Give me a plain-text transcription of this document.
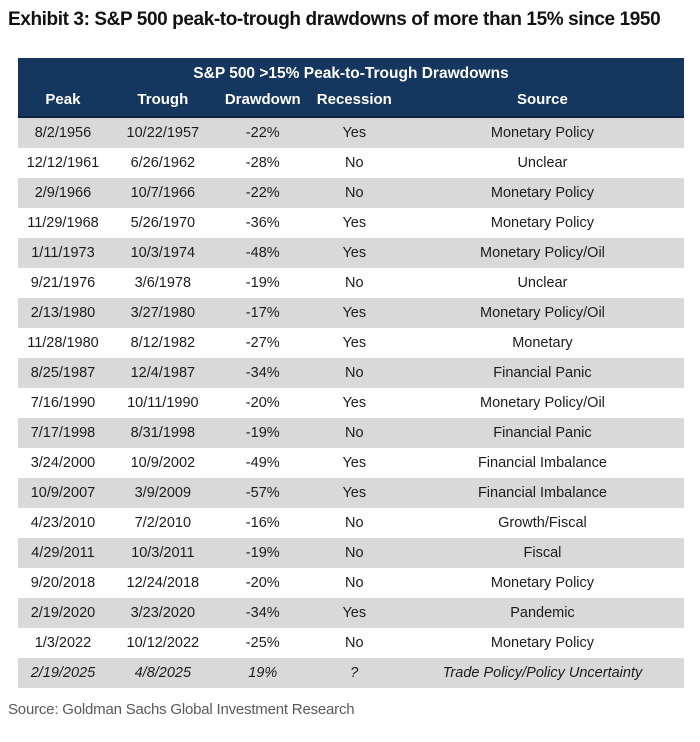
Exhibit 3: S&P 500 peak-to-trough drawdowns of more than 15% since 1950
S&P 500 >15% Peak-to-Trough Drawdowns
Peak	Trough	Drawdown	Recession	Source
8/2/1956	10/22/1957	-22%	Yes	Monetary Policy
12/12/1961	6/26/1962	-28%	No	Unclear
2/9/1966	10/7/1966	-22%	No	Monetary Policy
11/29/1968	5/26/1970	-36%	Yes	Monetary Policy
1/11/1973	10/3/1974	-48%	Yes	Monetary Policy/Oil
9/21/1976	3/6/1978	-19%	No	Unclear
2/13/1980	3/27/1980	-17%	Yes	Monetary Policy/Oil
11/28/1980	8/12/1982	-27%	Yes	Monetary
8/25/1987	12/4/1987	-34%	No	Financial Panic
7/16/1990	10/11/1990	-20%	Yes	Monetary Policy/Oil
7/17/1998	8/31/1998	-19%	No	Financial Panic
3/24/2000	10/9/2002	-49%	Yes	Financial Imbalance
10/9/2007	3/9/2009	-57%	Yes	Financial Imbalance
4/23/2010	7/2/2010	-16%	No	Growth/Fiscal
4/29/2011	10/3/2011	-19%	No	Fiscal
9/20/2018	12/24/2018	-20%	No	Monetary Policy
2/19/2020	3/23/2020	-34%	Yes	Pandemic
1/3/2022	10/12/2022	-25%	No	Monetary Policy
2/19/2025	4/8/2025	19%	?	Trade Policy/Policy Uncertainty
Source: Goldman Sachs Global Investment Research
